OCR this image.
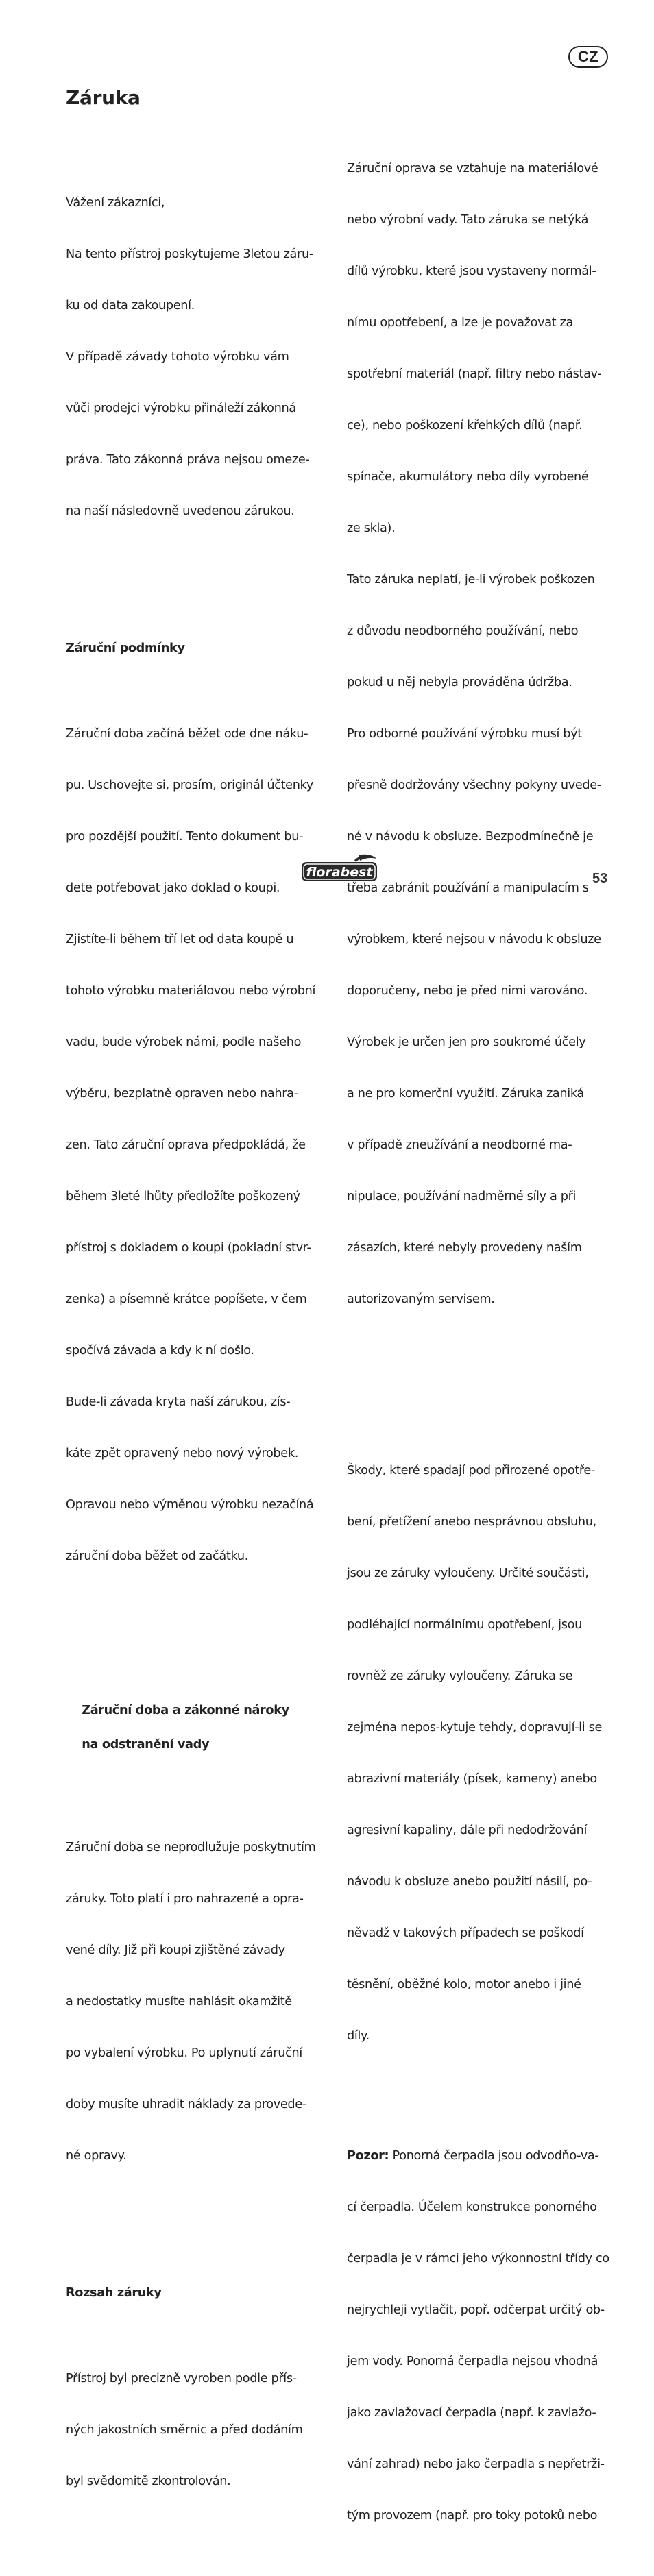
CZ
Záruka

Vážení zákazníci,

Na tento přístroj poskytujeme 3letou záru-

ku od data zakoupení.

V případě závady tohoto výrobku vám

vůči prodejci výrobku přináleží zákonná

práva. Tato zákonná práva nejsou omeze-

na naší následovně uvedenou zárukou.

Záruční podmínky

Záruční doba začíná běžet ode dne náku-

pu. Uschovejte si, prosím, originál účtenky

pro pozdější použití. Tento dokument bu-

dete potřebovat jako doklad o koupi.

Zjistíte-li během tří let od data koupě u

tohoto výrobku materiálovou nebo výrobní

vadu, bude výrobek námi, podle našeho

výběru, bezplatně opraven nebo nahra-

zen. Tato záruční oprava předpokládá, že

během 3leté lhůty předložíte poškozený

přístroj s dokladem o koupi (pokladní stvr-

zenka) a písemně krátce popíšete, v čem

spočívá závada a kdy k ní došlo.

Bude-li závada kryta naší zárukou, zís-

káte zpět opravený nebo nový výrobek.

Opravou nebo výměnou výrobku nezačíná

záruční doba běžet od začátku.

Záruční doba a zákonné nároky

na odstranění vady

Záruční doba se neprodlužuje poskytnutím

záruky. Toto platí i pro nahrazené a opra-

vené díly. Již při koupi zjištěné závady

a nedostatky musíte nahlásit okamžitě

po vybalení výrobku. Po uplynutí záruční

doby musíte uhradit náklady za provede-

né opravy.

Rozsah záruky

Přístroj byl precizně vyroben podle přís-

ných jakostních směrnic a před dodáním

byl svědomitě zkontrolován.

Záruční oprava se vztahuje na materiálové

nebo výrobní vady. Tato záruka se netýká

dílů výrobku, které jsou vystaveny normál-

nímu opotřebení, a lze je považovat za

spotřební materiál (např. filtry nebo nástav-

ce), nebo poškození křehkých dílů (např.

spínače, akumulátory nebo díly vyrobené

ze skla).

Tato záruka neplatí, je-li výrobek poškozen

z důvodu neodborného používání, nebo

pokud u něj nebyla prováděna údržba.

Pro odborné používání výrobku musí být

přesně dodržovány všechny pokyny uvede-

né v návodu k obsluze. Bezpodmínečně je

třeba zabránit používání a manipulacím s

výrobkem, které nejsou v návodu k obsluze

doporučeny, nebo je před nimi varováno.

Výrobek je určen jen pro soukromé účely

a ne pro komerční využití. Záruka zaniká

v případě zneužívání a neodborné ma-

nipulace, používání nadměrné síly a při

zásazích, které nebyly provedeny naším

autorizovaným servisem.

Škody, které spadají pod přirozené opotře-

bení, přetížení anebo nesprávnou obsluhu,

jsou ze záruky vyloučeny. Určité součásti,

podléhající normálnímu opotřebení, jsou

rovněž ze záruky vyloučeny. Záruka se

zejména nepos-kytuje tehdy, dopravují-li se

abrazivní materiály (písek, kameny) anebo

agresivní kapaliny, dále při nedodržování

návodu k obsluze anebo použití násilí, po-

něvadž v takových případech se poškodí

těsnění, oběžné kolo, motor anebo i jiné

díly.

Pozor: Ponorná čerpadla jsou odvodňo-va-

cí čerpadla. Účelem konstrukce ponorného

čerpadla je v rámci jeho výkonnostní třídy co

nejrychleji vytlačit, popř. odčerpat určitý ob-

jem vody. Ponorná čerpadla nejsou vhodná

jako zavlažovací čerpadla (např. k zavlažo-

vání zahrad) nebo jako čerpadla s nepřetrži-

tým provozem (např. pro toky potoků nebo

florabest	53
